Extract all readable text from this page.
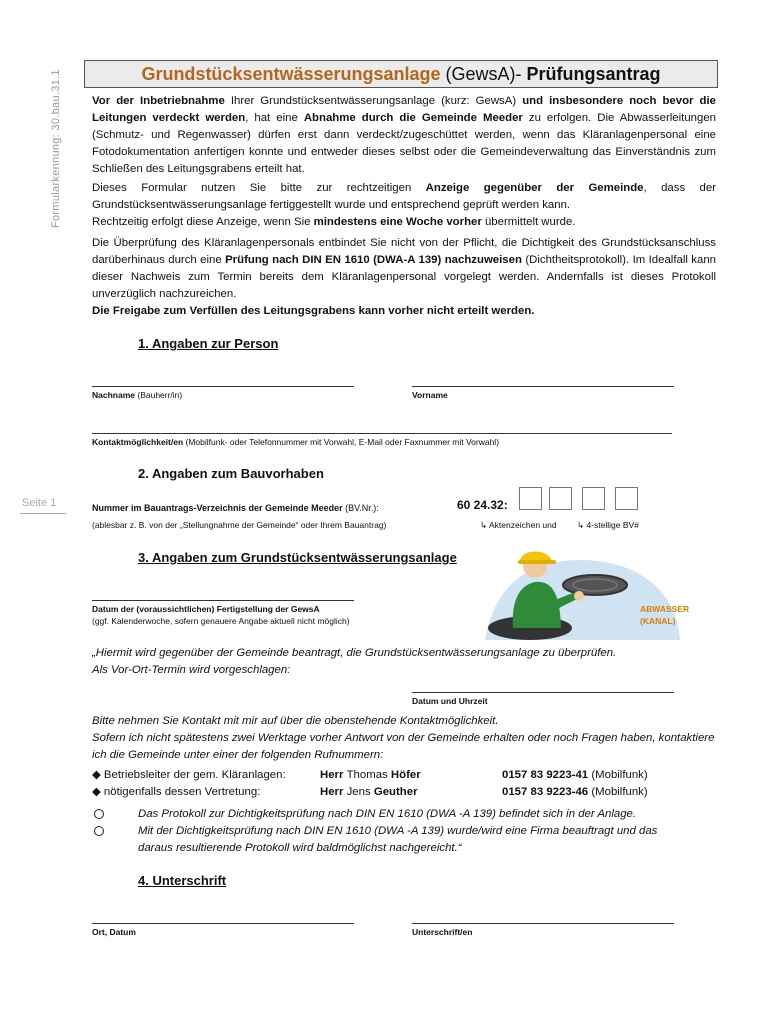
Formularkennung: 30.bau.31.1
Seite 1
Grundstücksentwässerungsanlage (GewsA)- Prüfungsantrag
Vor der Inbetriebnahme Ihrer Grundstücksentwässerungsanlage (kurz: GewsA) und insbesondere noch bevor die Leitungen verdeckt werden, hat eine Abnahme durch die Gemeinde Meeder zu erfolgen. Die Abwasserleitungen (Schmutz- und Regenwasser) dürfen erst dann verdeckt/zugeschüttet werden, wenn das Kläranlagenpersonal eine Fotodokumentation anfertigen konnte und entweder dieses selbst oder die Gemeindeverwaltung das Einverständnis zum Schließen des Leitungsgrabens erteilt hat.
Dieses Formular nutzen Sie bitte zur rechtzeitigen Anzeige gegenüber der Gemeinde, dass der Grundstücksentwässerungsanlage fertiggestellt wurde und entsprechend geprüft werden kann.
Rechtzeitig erfolgt diese Anzeige, wenn Sie mindestens eine Woche vorher übermittelt wurde.
Die Überprüfung des Kläranlagenpersonals entbindet Sie nicht von der Pflicht, die Dichtigkeit des Grundstücksanschluss darüberhinaus durch eine Prüfung nach DIN EN 1610 (DWA-A 139) nachzuweisen (Dichtheitsprotokoll). Im Idealfall kann dieser Nachweis zum Termin bereits dem Kläranlagenpersonal vorgelegt werden. Andernfalls ist dieses Protokoll unverzüglich nachzureichen.
Die Freigabe zum Verfüllen des Leitungsgrabens kann vorher nicht erteilt werden.
1. Angaben zur Person
Nachname (Bauherr/in)	Vorname
Kontaktmöglichkeit/en (Mobilfunk- oder Telefonnummer mit Vorwahl, E-Mail oder Faxnummer mit Vorwahl)
2. Angaben zum Bauvorhaben
Nummer im Bauantrags-Verzeichnis der Gemeinde Meeder (BV.Nr.):
(ablesbar z. B. von der „Stellungnahme der Gemeinde“ oder Ihrem Bauantrag)
60 24.32:
↳ Aktenzeichen und ↳ 4-stellige BV#
3. Angaben zum Grundstücksentwässerungsanlage
Datum der (voraussichtlichen) Fertigstellung der GewsA
(ggf. Kalenderwoche, sofern genauere Angabe aktuell nicht möglich)
ABWASSER
(KANAL)
„Hiermit wird gegenüber der Gemeinde beantragt, die Grundstücksentwässerungsanlage zu überprüfen.
Als Vor-Ort-Termin wird vorgeschlagen:
Datum und Uhrzeit
Bitte nehmen Sie Kontakt mit mir auf über die obenstehende Kontaktmöglichkeit.
Sofern ich nicht spätestens zwei Werktage vorher Antwort von der Gemeinde erhalten oder noch Fragen haben, kontaktiere ich die Gemeinde unter einer der folgenden Rufnummern:
◆ Betriebsleiter der gem. Kläranlagen:	Herr Thomas Höfer	0157 83 9223-41 (Mobilfunk)
◆ nötigenfalls dessen Vertretung:	Herr Jens Geuther	0157 83 9223-46 (Mobilfunk)
Das Protokoll zur Dichtigkeitsprüfung nach DIN EN 1610 (DWA -A 139) befindet sich in der Anlage.
Mit der Dichtigkeitsprüfung nach DIN EN 1610 (DWA -A 139) wurde/wird eine Firma beauftragt und das daraus resultierende Protokoll wird baldmöglichst nachgereicht.“
4. Unterschrift
Ort, Datum	Unterschrift/en
